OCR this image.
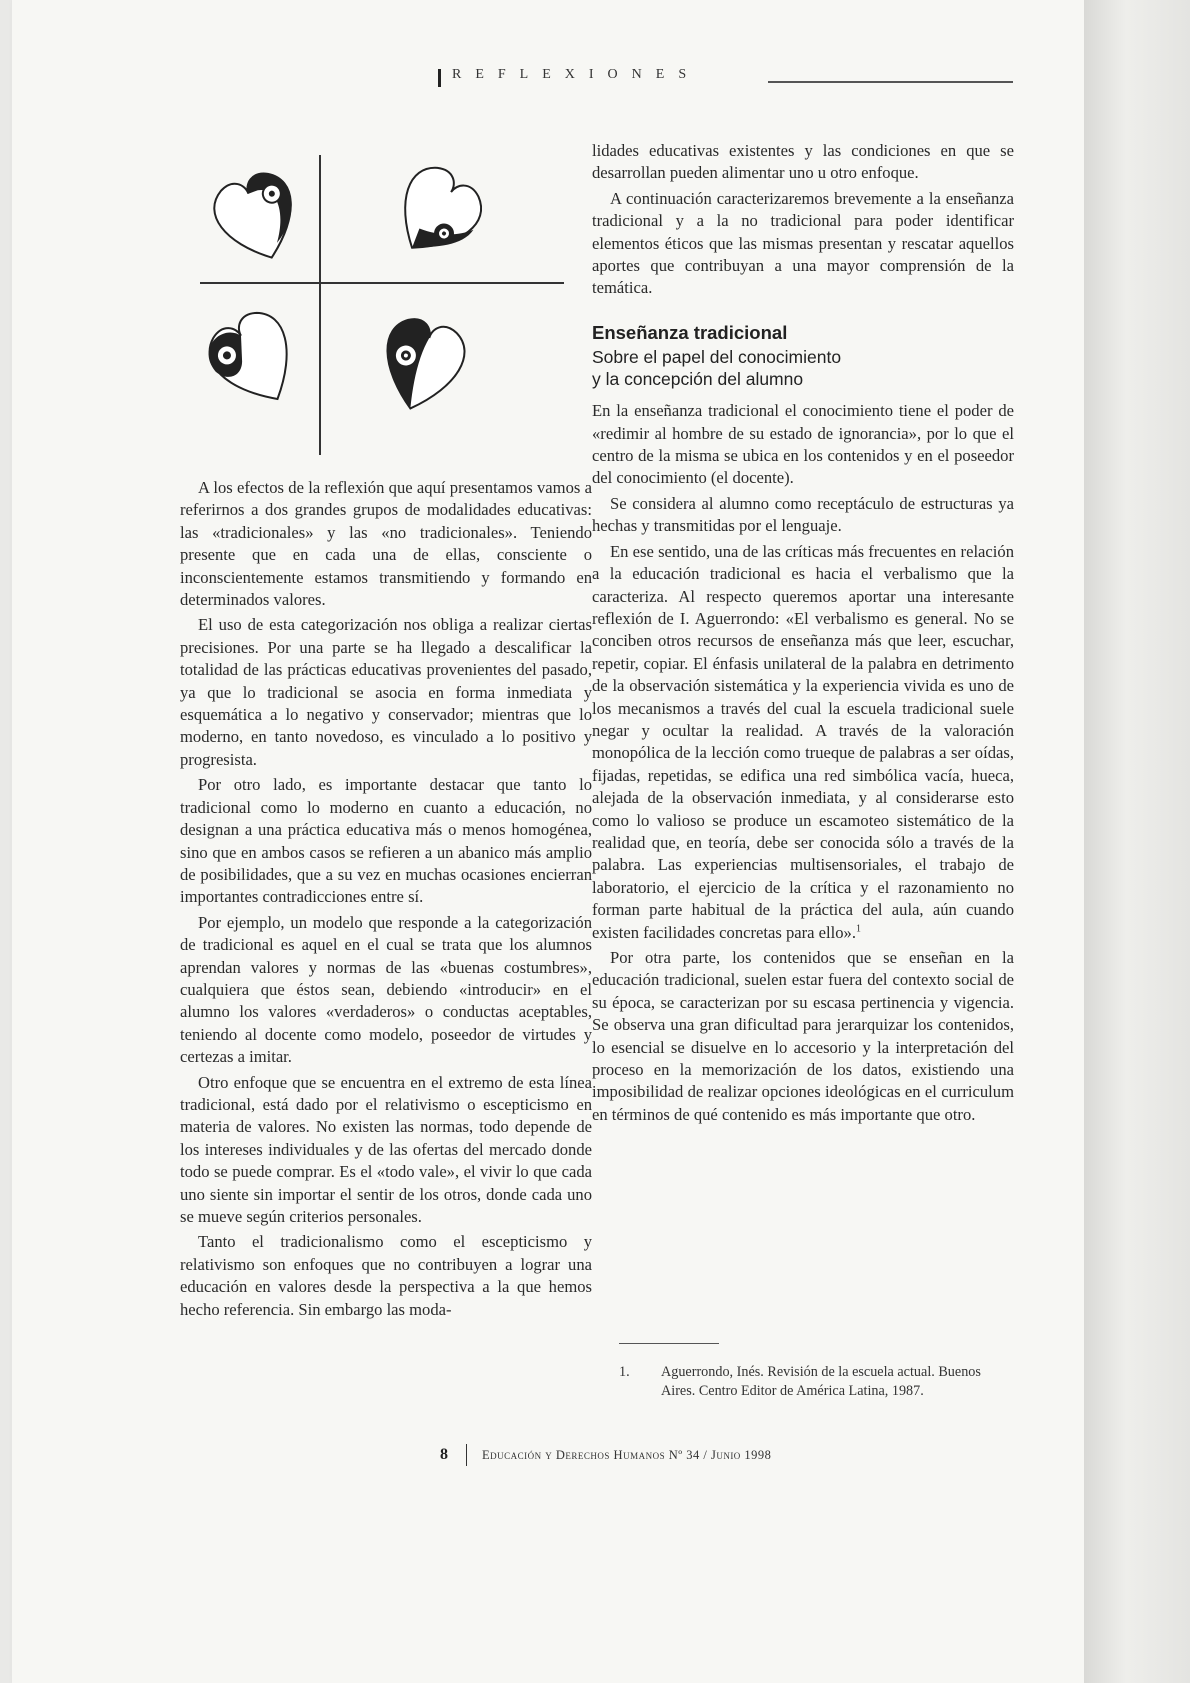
REFLEXIONES

A los efectos de la reflexión que aquí presentamos vamos a referirnos a dos grandes grupos de modalidades educativas: las «tradicionales» y las «no tradicionales». Teniendo presente que en cada una de ellas, consciente o inconscientemente estamos transmitiendo y formando en determinados valores.

El uso de esta categorización nos obliga a realizar ciertas precisiones. Por una parte se ha llegado a descalificar la totalidad de las prácticas educativas provenientes del pasado, ya que lo tradicional se asocia en forma inmediata y esquemática a lo negativo y conservador; mientras que lo moderno, en tanto novedoso, es vinculado a lo positivo y progresista.

Por otro lado, es importante destacar que tanto lo tradicional como lo moderno en cuanto a educación, no designan a una práctica educativa más o menos homogénea, sino que en ambos casos se refieren a un abanico más amplio de posibilidades, que a su vez en muchas ocasiones encierran importantes contradicciones entre sí.

Por ejemplo, un modelo que responde a la categorización de tradicional es aquel en el cual se trata que los alumnos aprendan valores y normas de las «buenas costumbres», cualquiera que éstos sean, debiendo «introducir» en el alumno los valores «verdaderos» o conductas aceptables, teniendo al docente como modelo, poseedor de virtudes y certezas a imitar.

Otro enfoque que se encuentra en el extremo de esta línea tradicional, está dado por el relativismo o escepticismo en materia de valores. No existen las normas, todo depende de los intereses individuales y de las ofertas del mercado donde todo se puede comprar. Es el «todo vale», el vivir lo que cada uno siente sin importar el sentir de los otros, donde cada uno se mueve según criterios personales.

Tanto el tradicionalismo como el escepticismo y relativismo son enfoques que no contribuyen a lograr una educación en valores desde la perspectiva a la que hemos hecho referencia. Sin embargo las moda-

lidades educativas existentes y las condiciones en que se desarrollan pueden alimentar uno u otro enfoque.

A continuación caracterizaremos brevemente a la enseñanza tradicional y a la no tradicional para poder identificar elementos éticos que las mismas presentan y rescatar aquellos aportes que contribuyan a una mayor comprensión de la temática.

Enseñanza tradicional
Sobre el papel del conocimiento
y la concepción del alumno

En la enseñanza tradicional el conocimiento tiene el poder de «redimir al hombre de su estado de ignorancia», por lo que el centro de la misma se ubica en los contenidos y en el poseedor del conocimiento (el docente).

Se considera al alumno como receptáculo de estructuras ya hechas y transmitidas por el lenguaje.

En ese sentido, una de las críticas más frecuentes en relación a la educación tradicional es hacia el verbalismo que la caracteriza. Al respecto queremos aportar una interesante reflexión de I. Aguerrondo: «El verbalismo es general. No se conciben otros recursos de enseñanza más que leer, escuchar, repetir, copiar. El énfasis unilateral de la palabra en detrimento de la observación sistemática y la experiencia vivida es uno de los mecanismos a través del cual la escuela tradicional suele negar y ocultar la realidad. A través de la valoración monopólica de la lección como trueque de palabras a ser oídas, fijadas, repetidas, se edifica una red simbólica vacía, hueca, alejada de la observación inmediata, y al considerarse esto como lo valioso se produce un escamoteo sistemático de la realidad que, en teoría, debe ser conocida sólo a través de la palabra. Las experiencias multisensoriales, el trabajo de laboratorio, el ejercicio de la crítica y el razonamiento no forman parte habitual de la práctica del aula, aún cuando existen facilidades concretas para ello».$^1$

Por otra parte, los contenidos que se enseñan en la educación tradicional, suelen estar fuera del contexto social de su época, se caracterizan por su escasa pertinencia y vigencia. Se observa una gran dificultad para jerarquizar los contenidos, lo esencial se disuelve en lo accesorio y la interpretación del proceso en la memorización de los datos, existiendo una imposibilidad de realizar opciones ideológicas en el curriculum en términos de qué contenido es más importante que otro.

1. Aguerrondo, Inés. Revisión de la escuela actual. Buenos Aires. Centro Editor de América Latina, 1987.
8	Educación y Derechos Humanos Nº 34 / Junio 1998
